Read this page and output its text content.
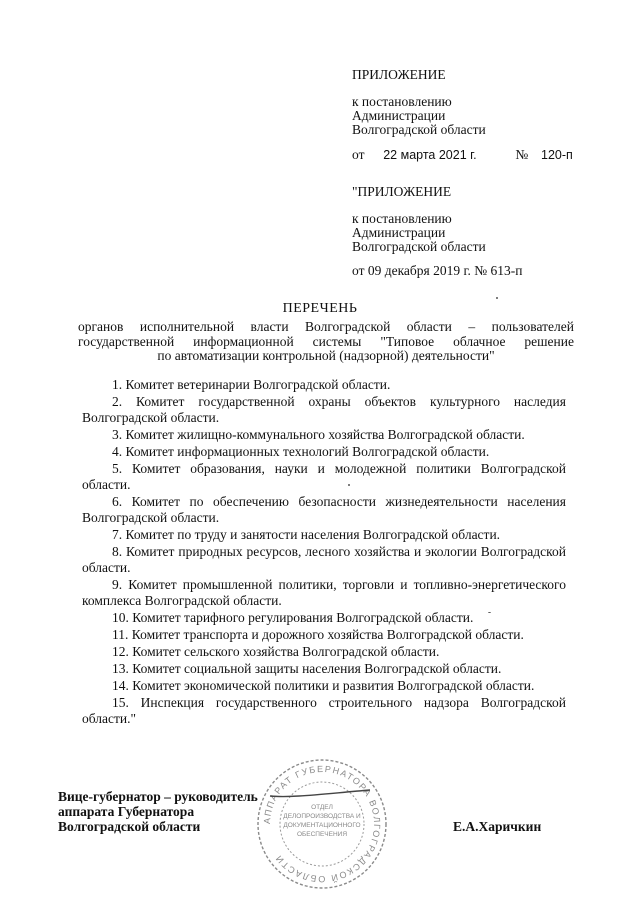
ПРИЛОЖЕНИЕ
к постановлению
Администрации
Волгоградской области
от 22 марта 2021 г.	№ 120-п
"ПРИЛОЖЕНИЕ
к постановлению
Администрации
Волгоградской области
от 09 декабря 2019 г. № 613-п
ПЕРЕЧЕНЬ
органов исполнительной власти Волгоградской области – пользователей
государственной информационной системы "Типовое облачное решение
по автоматизации контрольной (надзорной) деятельности"

1. Комитет ветеринарии Волгоградской области.

2. Комитет государственной охраны объектов культурного наследия Волгоградской области.

3. Комитет жилищно-коммунального хозяйства Волгоградской области.

4. Комитет информационных технологий Волгоградской области.

5. Комитет образования, науки и молодежной политики Волгоградской области.

6. Комитет по обеспечению безопасности жизнедеятельности населения Волгоградской области.

7. Комитет по труду и занятости населения Волгоградской области.

8. Комитет природных ресурсов, лесного хозяйства и экологии Волгоградской области.

9. Комитет промышленной политики, торговли и топливно-энергетического комплекса Волгоградской области.

10. Комитет тарифного регулирования Волгоградской области.

11. Комитет транспорта и дорожного хозяйства Волгоградской области.

12. Комитет сельского хозяйства Волгоградской области.

13. Комитет социальной защиты населения Волгоградской области.

14. Комитет экономической политики и развития Волгоградской области.

15. Инспекция государственного строительного надзора Волгоградской области."

АППАРАТ ГУБЕРНАТОРА ВОЛГОГРАДСКОЙ ОБЛАСТИ
ОТДЕЛ
ДЕЛОПРОИЗВОДСТВА И
ДОКУМЕНТАЦИОННОГО
ОБЕСПЕЧЕНИЯ
Вице-губернатор – руководитель
аппарата Губернатора
Волгоградской области	Е.А.Харичкин
